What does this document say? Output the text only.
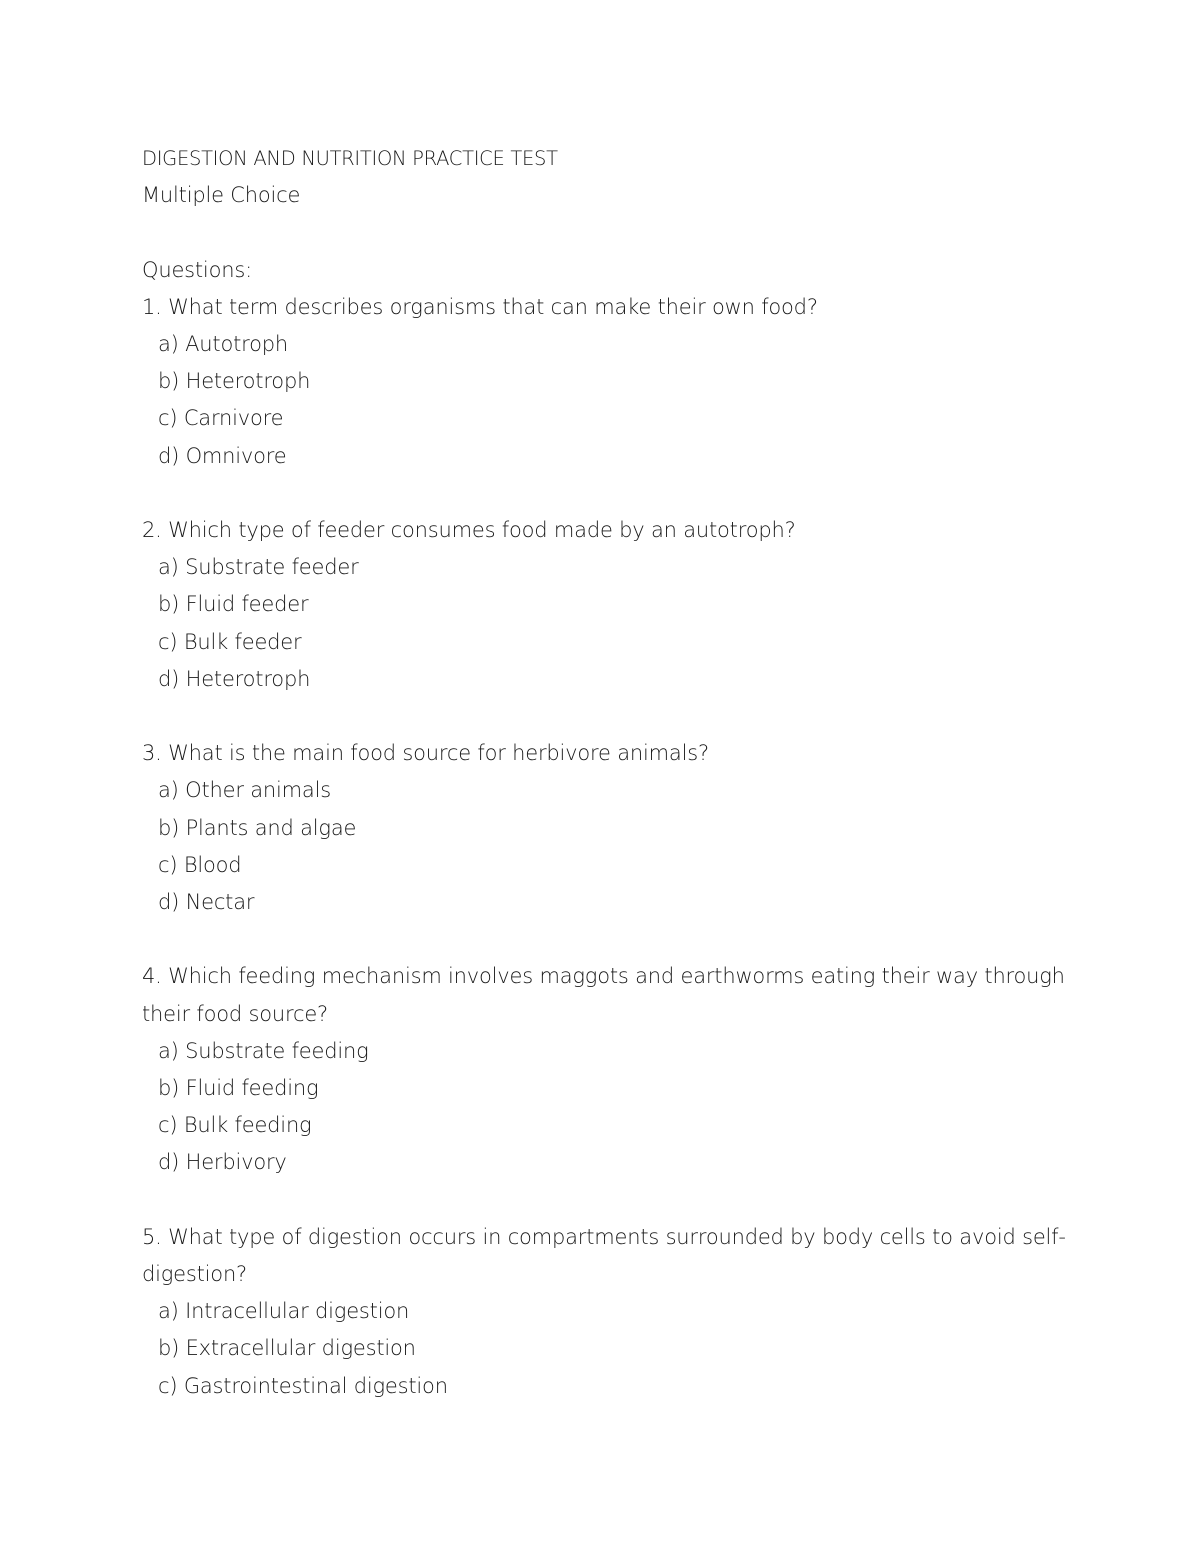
DIGESTION AND NUTRITION PRACTICE TEST
Multiple Choice
Questions:
1. What term describes organisms that can make their own food?
a) Autotroph
b) Heterotroph
c) Carnivore
d) Omnivore
2. Which type of feeder consumes food made by an autotroph?
a) Substrate feeder
b) Fluid feeder
c) Bulk feeder
d) Heterotroph
3. What is the main food source for herbivore animals?
a) Other animals
b) Plants and algae
c) Blood
d) Nectar
4. Which feeding mechanism involves maggots and earthworms eating their way through their food source?
a) Substrate feeding
b) Fluid feeding
c) Bulk feeding
d) Herbivory
5. What type of digestion occurs in compartments surrounded by body cells to avoid self-digestion?
a) Intracellular digestion
b) Extracellular digestion
c) Gastrointestinal digestion
